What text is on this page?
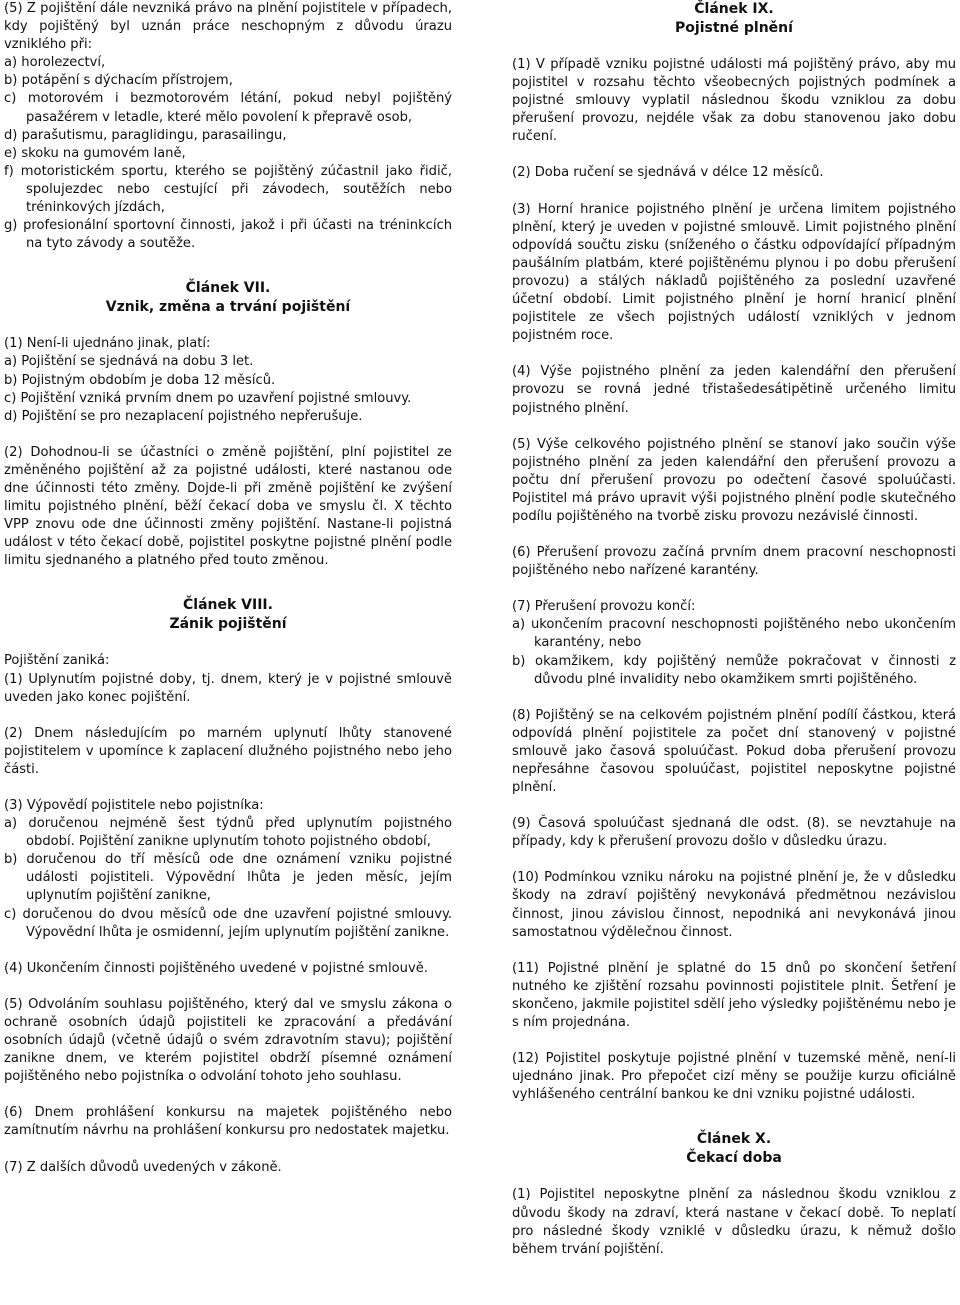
(5) Z pojištění dále nevzniká právo na plnění pojistitele v případech, kdy pojištěný byl uznán práce neschopným z důvodu úrazu vzniklého při:

a) horolezectví,

b) potápění s dýchacím přístrojem,

c) motorovém i bezmotorovém létání, pokud nebyl pojištěný pasažérem v letadle, které mělo povolení k přepravě osob,

d) parašutismu, paraglidingu, parasailingu,

e) skoku na gumovém laně,

f) motoristickém sportu, kterého se pojištěný zúčastnil jako řidič, spolujezdec nebo cestující při závodech, soutěžích nebo tréninkových jízdách,

g) profesionální sportovní činnosti, jakož i při účasti na tréninkcích na tyto závody a soutěže.

Článek VII.

Vznik, změna a trvání pojištění

(1) Není-li ujednáno jinak, platí:

a) Pojištění se sjednává na dobu 3 let.

b) Pojistným obdobím je doba 12 měsíců.

c) Pojištění vzniká prvním dnem po uzavření pojistné smlouvy.

d) Pojištění se pro nezaplacení pojistného nepřerušuje.

(2) Dohodnou-li se účastníci o změně pojištění, plní pojistitel ze změněného pojištění až za pojistné události, které nastanou ode dne účinnosti této změny. Dojde-li při změně pojištění ke zvýšení limitu pojistného plnění, běží čekací doba ve smyslu čl. X těchto VPP znovu ode dne účinnosti změny pojištění. Nastane-li pojistná událost v této čekací době, pojistitel poskytne pojistné plnění podle limitu sjednaného a platného před touto změnou.

Článek VIII.

Zánik pojištění

Pojištění zaniká:

(1) Uplynutím pojistné doby, tj. dnem, který je v pojistné smlouvě uveden jako konec pojištění.

(2) Dnem následujícím po marném uplynutí lhůty stanovené pojistitelem v upomínce k zaplacení dlužného pojistného nebo jeho části.

(3) Výpovědí pojistitele nebo pojistníka:

a) doručenou nejméně šest týdnů před uplynutím pojistného období. Pojištění zanikne uplynutím tohoto pojistného období,

b) doručenou do tří měsíců ode dne oznámení vzniku pojistné události pojistiteli. Výpovědní lhůta je jeden měsíc, jejím uplynutím pojištění zanikne,

c) doručenou do dvou měsíců ode dne uzavření pojistné smlouvy. Výpovědní lhůta je osmidenní, jejím uplynutím pojištění zanikne.

(4) Ukončením činnosti pojištěného uvedené v pojistné smlouvě.

(5) Odvoláním souhlasu pojištěného, který dal ve smyslu zákona o ochraně osobních údajů pojistiteli ke zpracování a předávání osobních údajů (včetně údajů o svém zdravotním stavu); pojištění zanikne dnem, ve kterém pojistitel obdrží písemné oznámení pojištěného nebo pojistníka o odvolání tohoto jeho souhlasu.

(6) Dnem prohlášení konkursu na majetek pojištěného nebo zamítnutím návrhu na prohlášení konkursu pro nedostatek majetku.

(7) Z dalších důvodů uvedených v zákoně.

Článek IX.

Pojistné plnění

(1) V případě vzniku pojistné události má pojištěný právo, aby mu pojistitel v rozsahu těchto všeobecných pojistných podmínek a pojistné smlouvy vyplatil následnou škodu vzniklou za dobu přerušení provozu, nejdéle však za dobu stanovenou jako dobu ručení.

(2) Doba ručení se sjednává v délce 12 měsíců.

(3) Horní hranice pojistného plnění je určena limitem pojistného plnění, který je uveden v pojistné smlouvě. Limit pojistného plnění odpovídá součtu zisku (sníženého o částku odpovídající případným paušálním platbám, které pojištěnému plynou i po dobu přerušení provozu) a stálých nákladů pojištěného za poslední uzavřené účetní období. Limit pojistného plnění je horní hranicí plnění pojistitele ze všech pojistných událostí vzniklých v jednom pojistném roce.

(4) Výše pojistného plnění za jeden kalendářní den přerušení provozu se rovná jedné třistašedesátipětině určeného limitu pojistného plnění.

(5) Výše celkového pojistného plnění se stanoví jako součin výše pojistného plnění za jeden kalendářní den přerušení provozu a počtu dní přerušení provozu po odečtení časové spoluúčasti. Pojistitel má právo upravit výši pojistného plnění podle skutečného podílu pojištěného na tvorbě zisku provozu nezávislé činnosti.

(6) Přerušení provozu začíná prvním dnem pracovní neschopnosti pojištěného nebo nařízené karantény.

(7) Přerušení provozu končí:

a) ukončením pracovní neschopnosti pojištěného nebo ukončením karantény, nebo

b) okamžikem, kdy pojištěný nemůže pokračovat v činnosti z důvodu plné invalidity nebo okamžikem smrti pojištěného.

(8) Pojištěný se na celkovém pojistném plnění podílí částkou, která odpovídá plnění pojistitele za počet dní stanovený v pojistné smlouvě jako časová spoluúčast. Pokud doba přerušení provozu nepřesáhne časovou spoluúčast, pojistitel neposkytne pojistné plnění.

(9) Časová spoluúčast sjednaná dle odst. (8). se nevztahuje na případy, kdy k přerušení provozu došlo v důsledku úrazu.

(10) Podmínkou vzniku nároku na pojistné plnění je, že v důsledku škody na zdraví pojištěný nevykonává předmětnou nezávislou činnost, jinou závislou činnost, nepodniká ani nevykonává jinou samostatnou výdělečnou činnost.

(11) Pojistné plnění je splatné do 15 dnů po skončení šetření nutného ke zjištění rozsahu povinnosti pojistitele plnit. Šetření je skončeno, jakmile pojistitel sdělí jeho výsledky pojištěnému nebo je s ním projednána.

(12) Pojistitel poskytuje pojistné plnění v tuzemské měně, není-li ujednáno jinak. Pro přepočet cizí měny se použije kurzu oficiálně vyhlášeného centrální bankou ke dni vzniku pojistné události.

Článek X.

Čekací doba

(1) Pojistitel neposkytne plnění za následnou škodu vzniklou z důvodu škody na zdraví, která nastane v čekací době. To neplatí pro následné škody vzniklé v důsledku úrazu, k němuž došlo během trvání pojištění.
